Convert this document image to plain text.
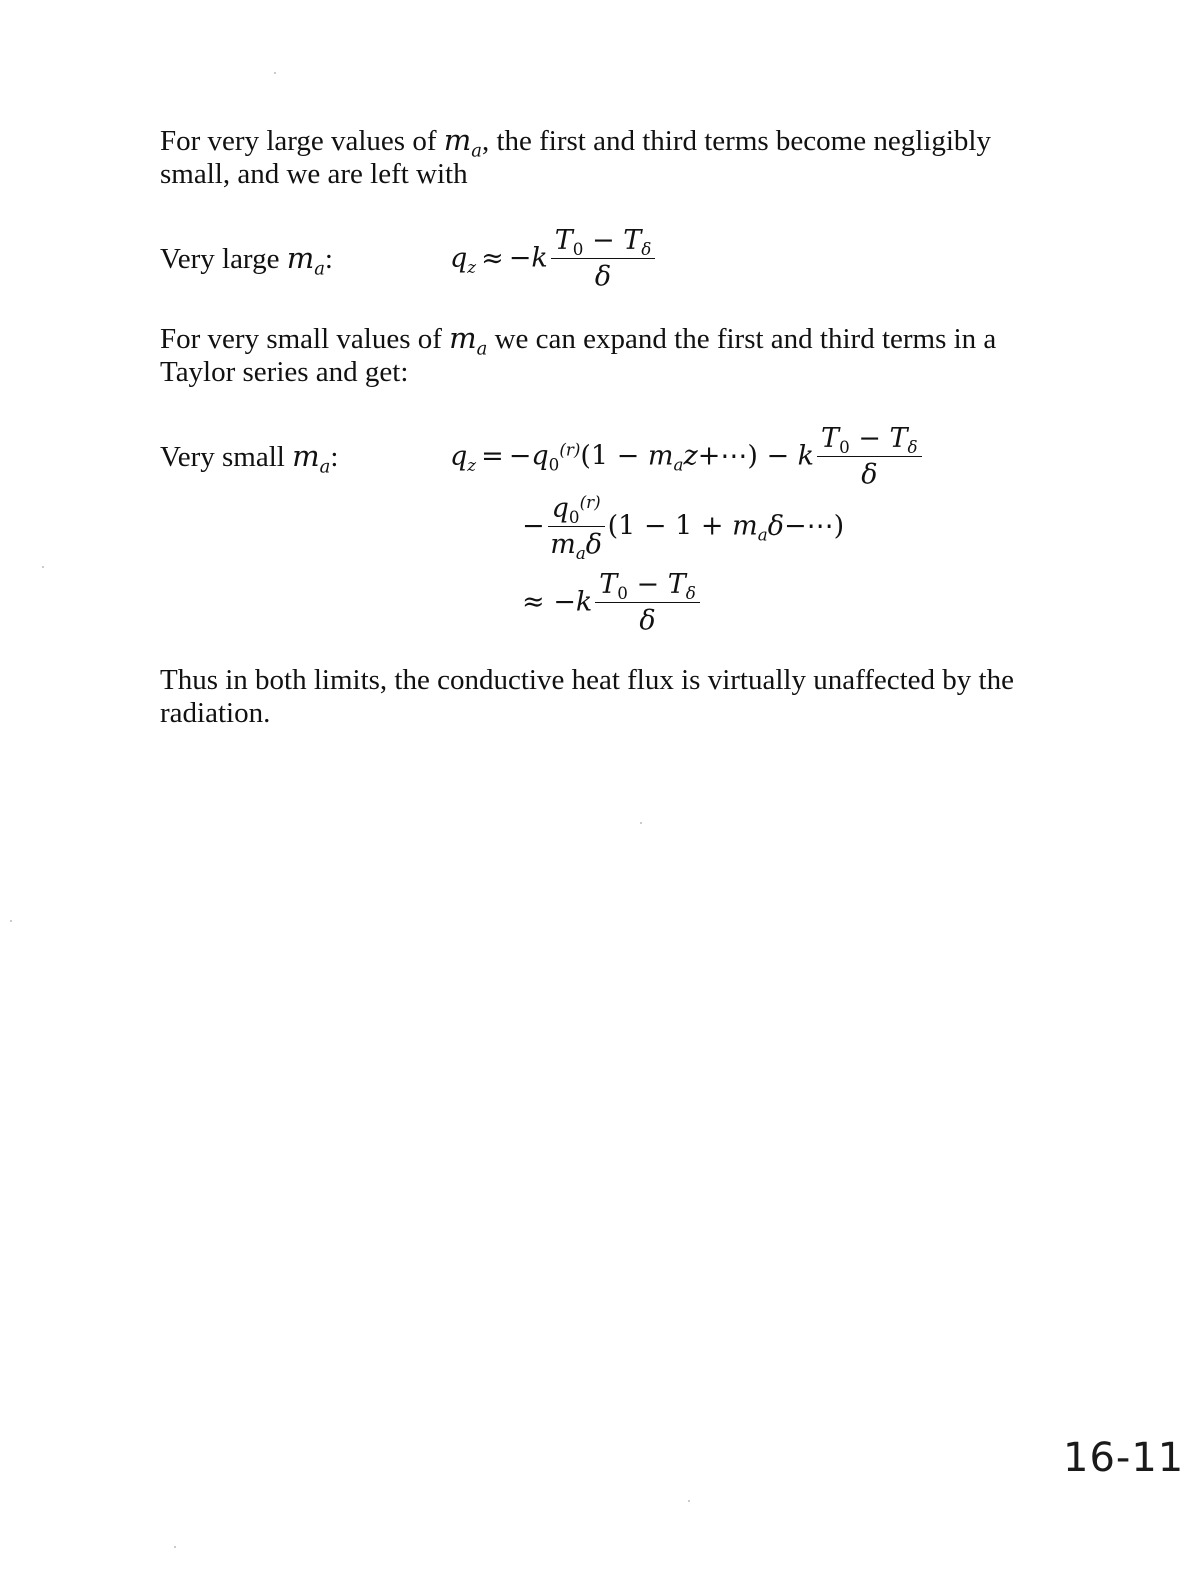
For very large values of $m_a$, the first and third terms become negligibly small, and we are left with
Very large $m_a$:	$q_z \approx -k \frac{T_0 - T_\delta}{\delta}$
For very small values of $m_a$ we can expand the first and third terms in a Taylor series and get:
Very small $m_a$:	$q_z = -q_0^{(r)}(1$ − $m_az+\cdots) - k \frac{T_0 - T_\delta}{\delta}$
− $\frac{q_0^{(r)}}{m_a\delta} (1 - 1$ + $m_a\delta-\cdots$)
≈ $-k \frac{T_0 - T_\delta}{\delta}$
Thus in both limits, the conductive heat flux is virtually unaffected by the radiation.
16-11
